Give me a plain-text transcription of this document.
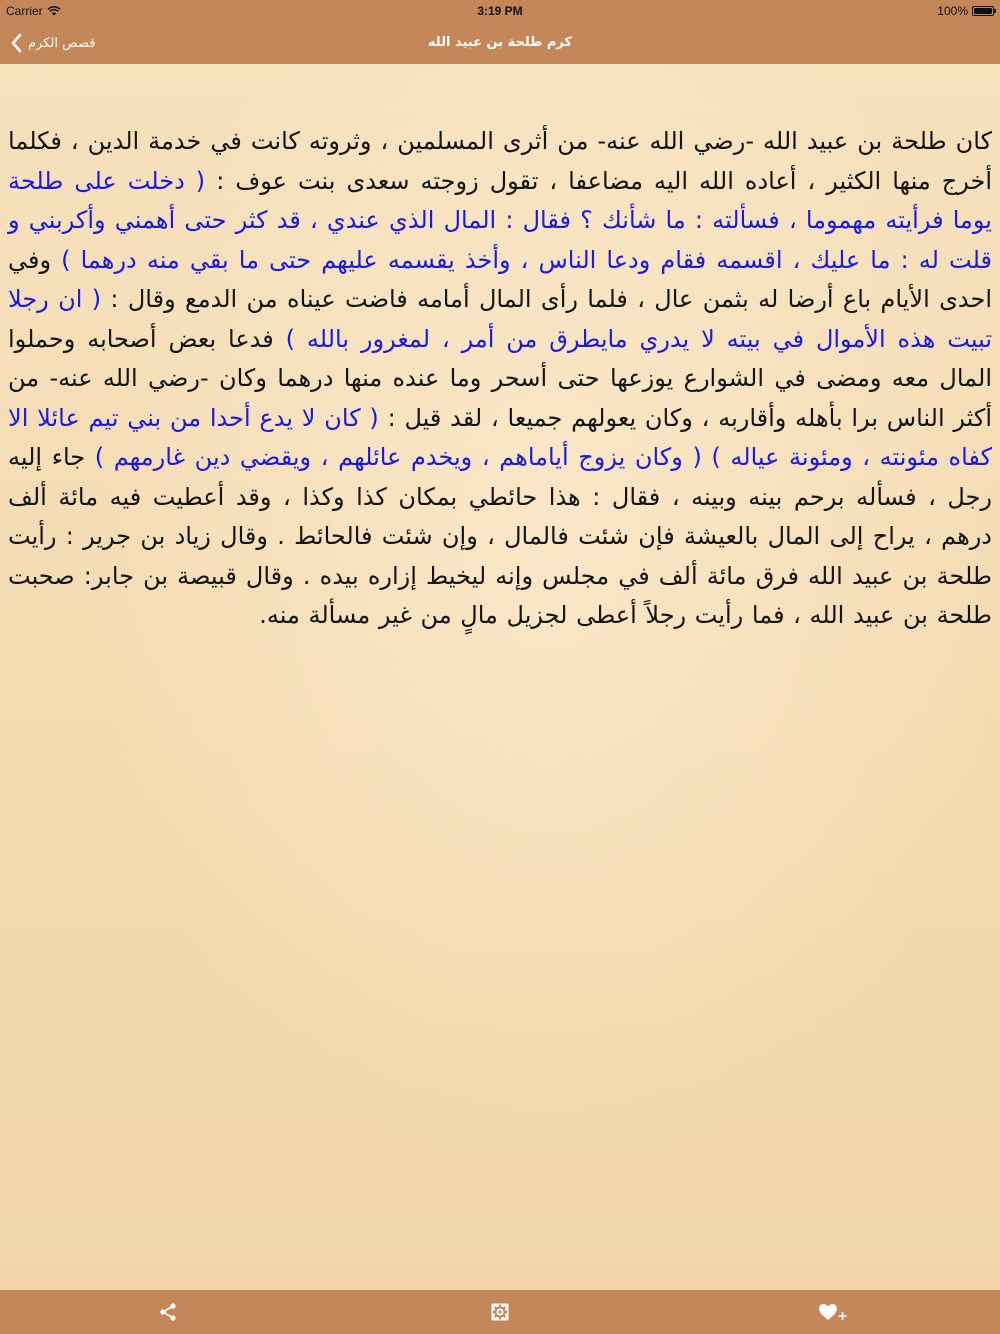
Carrier	3:19 PM	100%
قصص الكرم	كرم طلحة بن عبيد الله
كان طلحة بن عبيد الله -رضي الله عنه- من أثرى المسلمين ، وثروته كانت في خدمة الدين ، فكلما أخرج منها الكثير ، أعاده الله اليه مضاعفا ، تقول زوجته سعدى بنت عوف : ( دخلت على طلحة يوما فرأيته مهموما ، فسألته : ما شأنك ؟ فقال : المال الذي عندي ، قد كثر حتى أهمني وأكربني و قلت له : ما عليك ، اقسمه فقام ودعا الناس ، وأخذ يقسمه عليهم حتى ما بقي منه درهما ) وفي احدى الأيام باع أرضا له بثمن عال ، فلما رأى المال أمامه فاضت عيناه من الدمع وقال : ( ان رجلا تبيت هذه الأموال في بيته لا يدري مايطرق من أمر ، لمغرور بالله ) فدعا بعض أصحابه وحملوا المال معه ومضى في الشوارع يوزعها حتى أسحر وما عنده منها درهما وكان -رضي الله عنه- من أكثر الناس برا بأهله وأقاربه ، وكان يعولهم جميعا ، لقد قيل : ( كان لا يدع أحدا من بني تيم عائلا الا كفاه مئونته ، ومئونة عياله ) ( وكان يزوج أياماهم ، ويخدم عائلهم ، ويقضي دين غارمهم ) جاء إليه رجل ، فسأله برحم بينه وبينه ، فقال : هذا حائطي بمكان كذا وكذا ، وقد أعطيت فيه مائة ألف درهم ، يراح إلى المال بالعيشة فإن شئت فالمال ، وإن شئت فالحائط . وقال زياد بن جرير : رأيت طلحة بن عبيد الله فرق مائة ألف في مجلس وإنه ليخيط إزاره بيده . وقال قبيصة بن جابر: صحبت طلحة بن عبيد الله ، فما رأيت رجلاً أعطى لجزيل مالٍ من غير مسألة منه.
